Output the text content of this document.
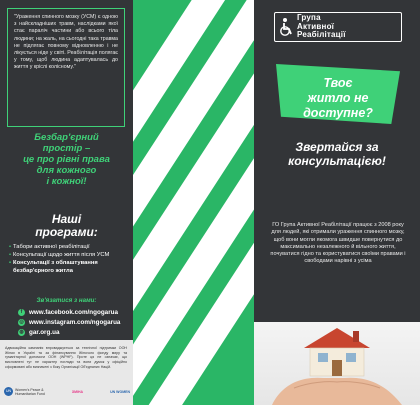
"Ураження спинного мозку (УСМ) є одною з найскладніших травм, наслідками якої стає параліч частини або всього тіла людини; на жаль, на сьогодні така травма не підлягає повному відновленню і не лікується ніде у світі. Реабілітація полягає у тому, щоб людина адаптувалась до життя у кріслі колісному."

Безбар'єрний
простір –
це про рівні права
для кожного
і кожної!
Наші
програми:
• Табори активної реабілітації
• Консультації щодо життя після УСМ
• Консультації з облаштування безбар'єрного житла
Зв'язатися з нами:
f	www.facebook.com/ngogarua
◎ www.instagram.com/ngogarua
◍ gar.org.ua

Адвокаційна кампанія впроваджується за технічної підтримки ООН Жінки в Україні та за фінансування Жіночого фонду миру та гуманітарної допомоги ООН (WPHF). Проте ця не означає, що висловлені тут не характер погляди та вони думок у офіційно сформовані або визначені з боку Організації Об'єднаних Націй.

UN	Women's Peace &
Humanitarian Fund	ЗМІНА	UN WOMEN
Група
Активної
Реабілітації
Твоє
житло не
доступне?
Звертайся за
консультацією!

ГО Група Активної Реабілітації працює з 2008 року для людей, які отримали ураження спинного мозку, щоб вони могли якомога швидше повернутися до максимально незалежного й вільного життя, почуватися гідно та користуватися своїми правами і свободами нарівні з усіма
